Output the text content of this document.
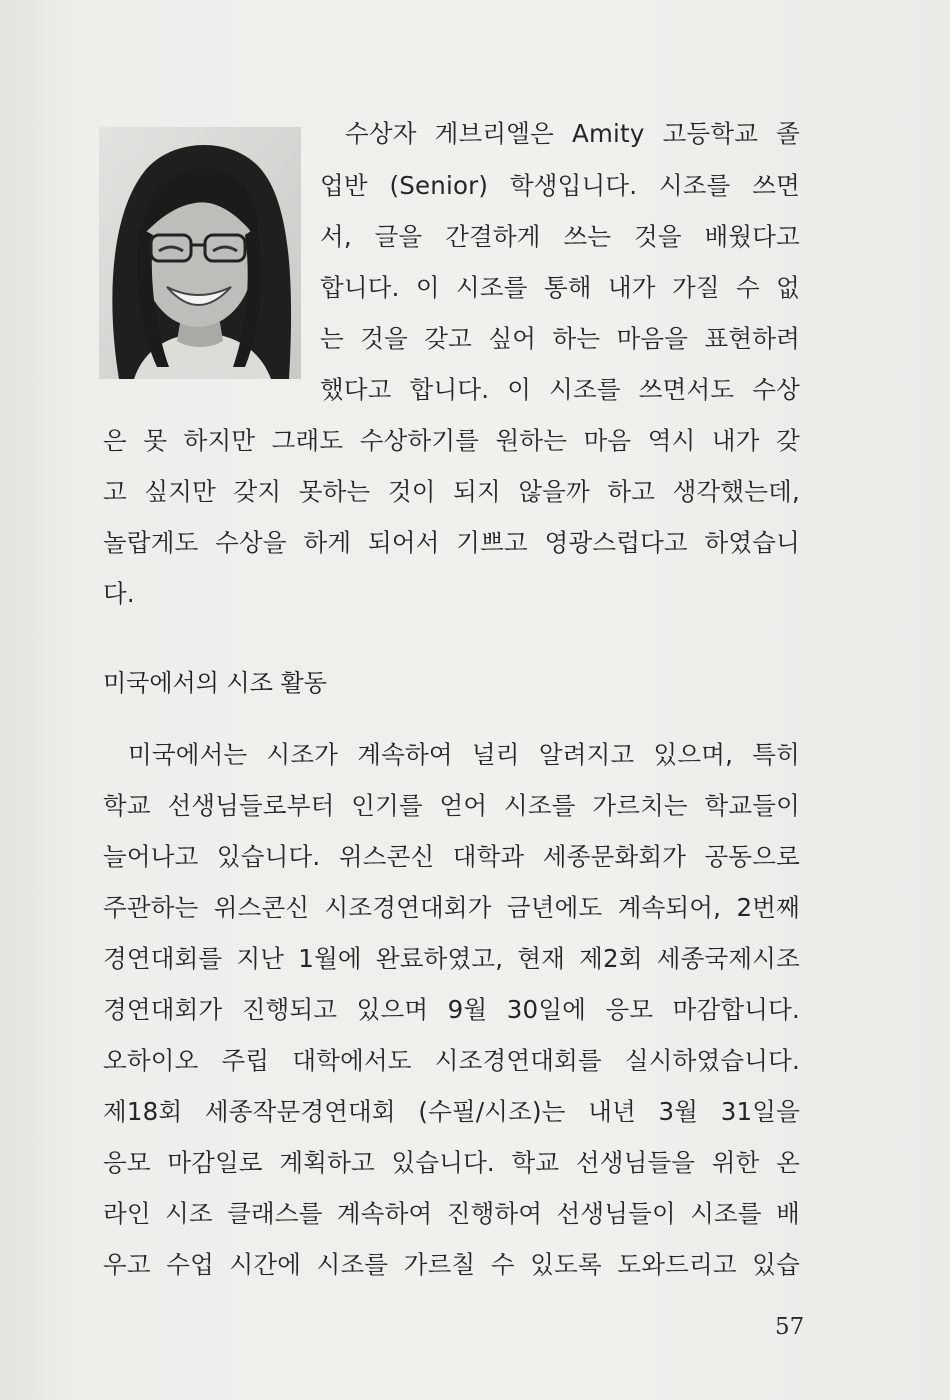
수상자 게브리엘은 Amity 고등학교 졸
업반 (Senior) 학생입니다. 시조를 쓰면
서, 글을 간결하게 쓰는 것을 배웠다고
합니다. 이 시조를 통해 내가 가질 수 없
는 것을 갖고 싶어 하는 마음을 표현하려
했다고 합니다. 이 시조를 쓰면서도 수상
은 못 하지만 그래도 수상하기를 원하는 마음 역시 내가 갖
고 싶지만 갖지 못하는 것이 되지 않을까 하고 생각했는데,
놀랍게도 수상을 하게 되어서 기쁘고 영광스럽다고 하였습니
다.
미국에서의 시조 활동
미국에서는 시조가 계속하여 널리 알려지고 있으며, 특히
학교 선생님들로부터 인기를 얻어 시조를 가르치는 학교들이
늘어나고 있습니다. 위스콘신 대학과 세종문화회가 공동으로
주관하는 위스콘신 시조경연대회가 금년에도 계속되어, 2번째
경연대회를 지난 1월에 완료하였고, 현재 제2회 세종국제시조
경연대회가 진행되고 있으며 9월 30일에 응모 마감합니다.
오하이오 주립 대학에서도 시조경연대회를 실시하였습니다.
제18회 세종작문경연대회 (수필/시조)는 내년 3월 31일을
응모 마감일로 계획하고 있습니다. 학교 선생님들을 위한 온
라인 시조 클래스를 계속하여 진행하여 선생님들이 시조를 배
우고 수업 시간에 시조를 가르칠 수 있도록 도와드리고 있습
57
